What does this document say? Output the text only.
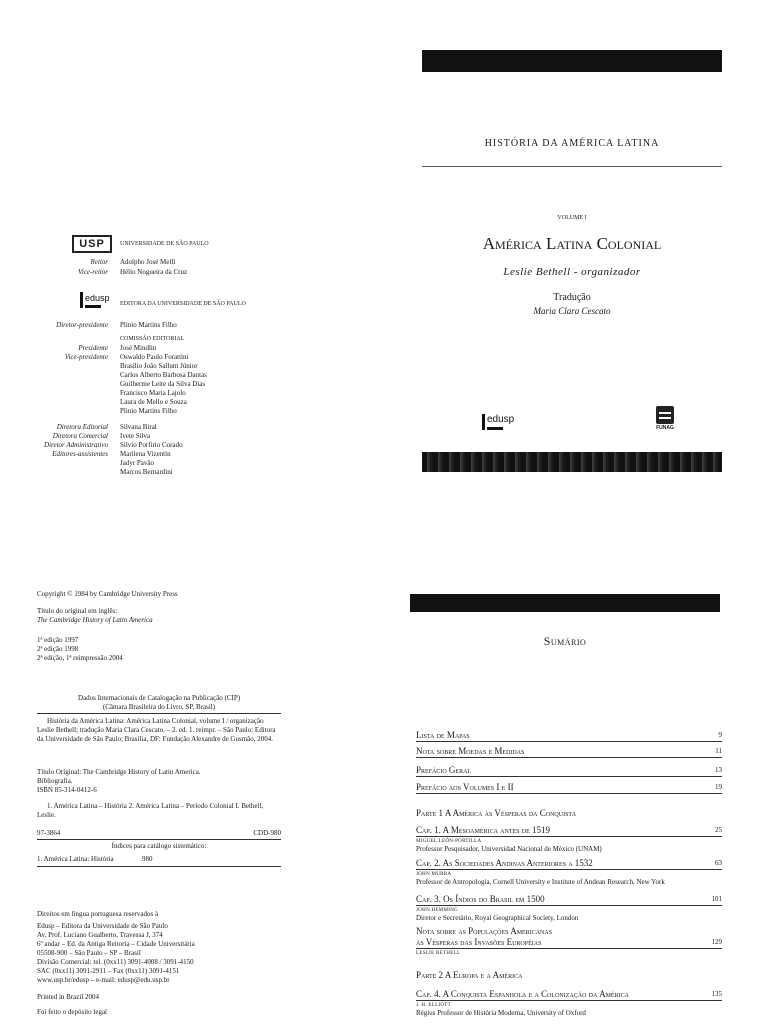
HISTÓRIA DA AMÉRICA LATINA
VOLUME I
América Latina Colonial
Leslie Bethell - organizador
Tradução
Maria Clara Cescato
edusp
FUNAG
USP	UNIVERSIDADE DE SÃO PAULO
Reitor Adolpho José Melfi
Vice-reitor Hélio Nogueira da Cruz
edusp
EDITORA DA UNIVERSIDADE DE SÃO PAULO
Diretor-presidente Plinio Martins Filho
COMISSÃO EDITORIAL
Presidente José Mindlin
Vice-presidente Oswaldo Paulo Forattini
Brasílio João Sallum Júnior
Carlos Alberto Barbosa Dantas
Guilherme Leite da Silva Dias
Francisco Maria Lajolo
Laura de Mello e Souza
Plinio Martins Filho
Diretora Editorial Silvana Biral
Diretora Comercial Ivete Silva
Diretor Administrativo Silvio Porfírio Corado
Editores-assistentes Marilena Vizentin
Jadyr Pavão
Marcos Bernardini
Copyright © 1984 by Cambridge University Press
Título do original em inglês:
The Cambridge History of Latin America
1ª edição 1997
2ª edição 1998
2ª edição, 1ª reimpressão 2004
Dados Internacionais de Catalogação na Publicação (CIP)
(Câmara Brasileira do Livro, SP, Brasil)
História da América Latina: América Latina Colonial, volume I / organização Leslie Bethell; tradução Maria Clara Cescato. – 2. ed. 1. reimpr. – São Paulo: Editora da Universidade de São Paulo; Brasília, DF: Fundação Alexandre de Gusmão, 2004.
Título Original: The Cambridge History of Latin America.
Bibliografia.
ISBN 85-314-0412-6
1. América Latina – História 2. América Latina – Período Colonial I. Bethell, Leslie.
97-3864	CDD-980
Índices para catálogo sistemático:
1. América Latina: História	980
Direitos em língua portuguesa reservados à
Edusp – Editora da Universidade de São Paulo
Av. Prof. Luciano Gualberto, Travessa J, 374
6º andar – Ed. da Antiga Reitoria – Cidade Universitária
05508-900 – São Paulo – SP – Brasil
Divisão Comercial: tel. (0xx11) 3091-4008 / 3091-4150
SAC (0xx11) 3091-2911 – Fax (0xx11) 3091-4151
www.usp.br/edusp – e-mail: edusp@edu.usp.br
Printed in Brazil 2004
Foi feito o depósito legal
Sumário
Lista de Mapas	9
Nota sobre Moedas e Medidas	11
Prefácio Geral	13
Prefácio aos Volumes I e II	19
Parte 1 A América às Vésperas da Conquista
Cap. 1. A Mesoamérica antes de 1519	25
MIGUEL LEÓN-PORTILLA
Professor Pesquisador, Universidad Nacional de México (UNAM)
Cap. 2. As Sociedades Andinas Anteriores a 1532	63
JOHN MURRA
Professor de Antropologia, Cornell University e Institute of Andean Research, New York
Cap. 3. Os Índios do Brasil em 1500	101
JOHN HEMMING
Diretor e Secretário, Royal Geographical Society, London
Nota sobre as Populações Americanas
às Vésperas das Invasões Européias	129
LESLIE BETHELL
Parte 2 A Europa e a América
Cap. 4. A Conquista Espanhola e a Colonização da América	135
J. H. ELLIOTT
Régius Professor de História Moderna, University of Oxford
